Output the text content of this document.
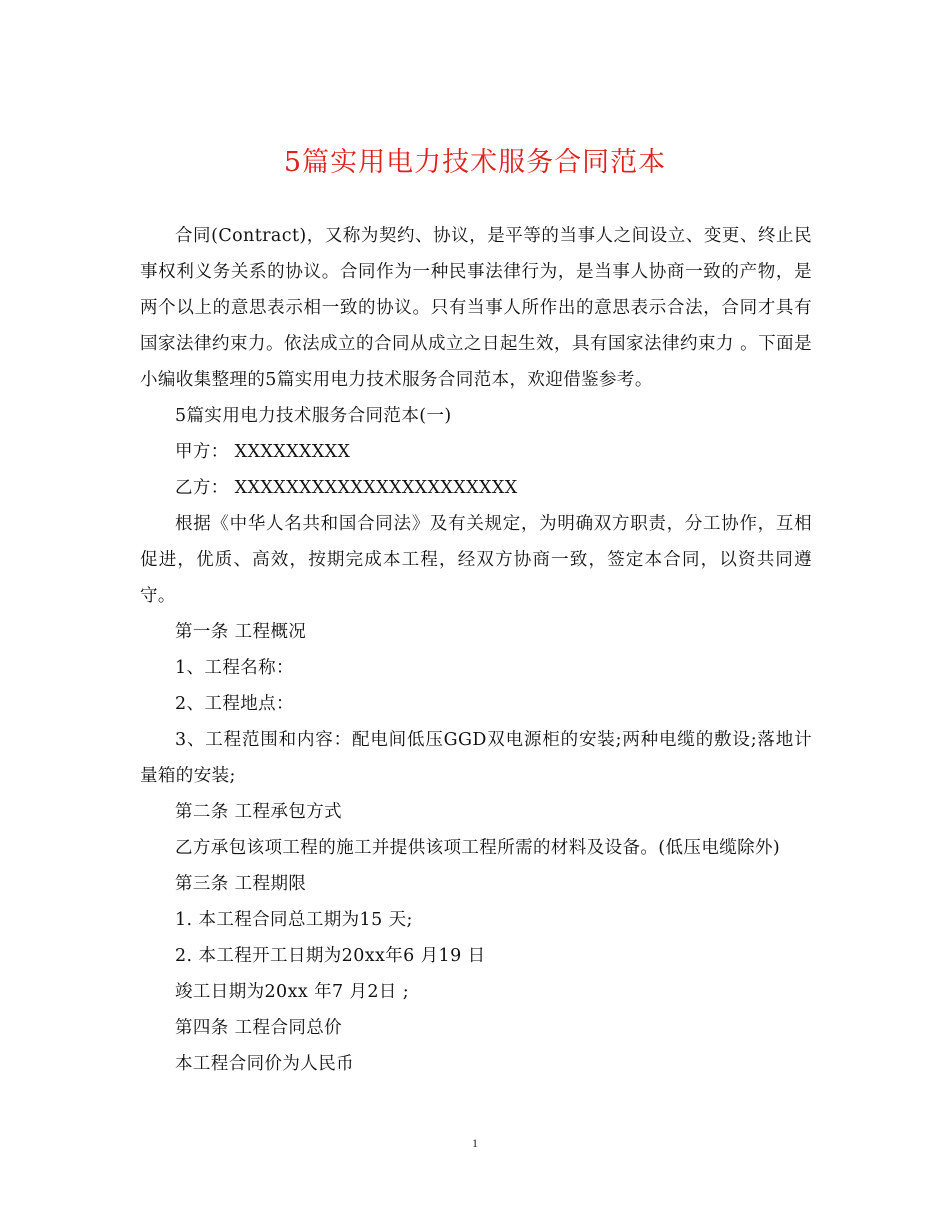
5篇实用电力技术服务合同范本

合同(Contract)，又称为契约、协议，是平等的当事人之间设立、变更、终止民事权利义务关系的协议。合同作为一种民事法律行为，是当事人协商一致的产物，是两个以上的意思表示相一致的协议。只有当事人所作出的意思表示合法，合同才具有国家法律约束力。依法成立的合同从成立之日起生效，具有国家法律约束力 。下面是小编收集整理的5篇实用电力技术服务合同范本，欢迎借鉴参考。

5篇实用电力技术服务合同范本(一)

甲方： XXXXXXXXX

乙方： XXXXXXXXXXXXXXXXXXXXXX

根据《中华人名共和国合同法》及有关规定，为明确双方职责，分工协作，互相促进，优质、高效，按期完成本工程，经双方协商一致，签定本合同，以资共同遵守。

第一条 工程概况

1、工程名称：

2、工程地点：

3、工程范围和内容：配电间低压GGD双电源柜的安装;两种电缆的敷设;落地计量箱的安装;

第二条 工程承包方式

乙方承包该项工程的施工并提供该项工程所需的材料及设备。(低压电缆除外)

第三条 工程期限

1. 本工程合同总工期为15 天;

2. 本工程开工日期为20xx年6 月19 日

竣工日期为20xx 年7 月2日 ;

第四条 工程合同总价

本工程合同价为人民币

1
